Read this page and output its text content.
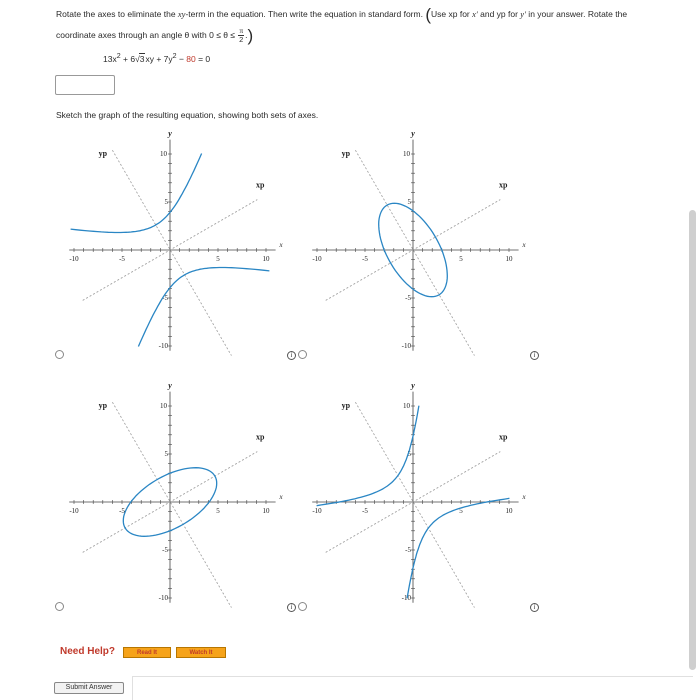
Rotate the axes to eliminate the xy-term in the equation. Then write the equation in standard form. (Use xp for x′ and yp for y′ in your answer. Rotate the
coordinate axes through an angle θ with $0 \le \theta \le \frac{\pi}{2}$ .)
$13x^2 + 6√3xy + 7y^2 - 80 = 0$
Sketch the graph of the resulting equation, showing both sets of axes.
y
x
yp
xp
10
5
-5
-10
10
5
-5
-10
y
x
yp
xp
10
5
-5
-10
10
5
-5
-10
y
x
yp
xp
10
5
-5
-10
10
5
-5
-10
y
x
yp
xp
10
5
-5
-10
10
5
-5
-10
i	i
i	i
Need Help?	Read It	Watch It
Submit Answer
